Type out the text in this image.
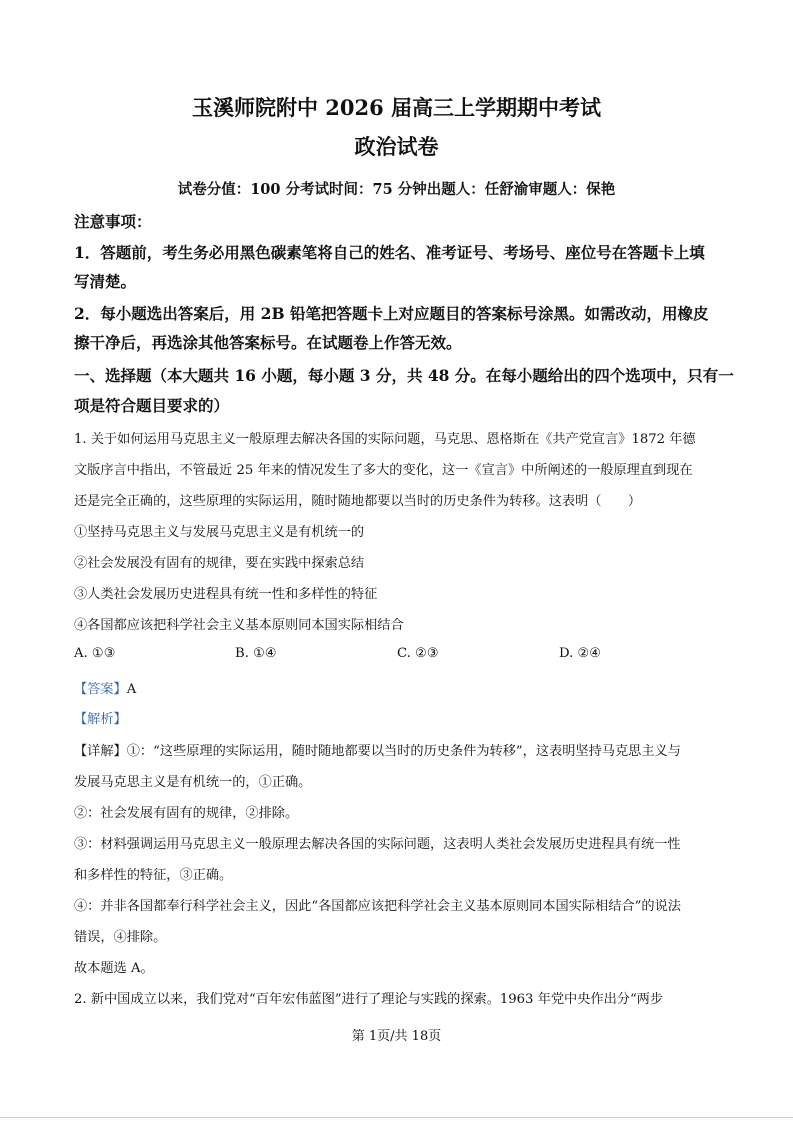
玉溪师院附中 2026 届高三上学期期中考试
政治试卷
试卷分值：100 分考试时间：75 分钟出题人：任舒渝审题人：保艳
注意事项：
1．答题前，考生务必用黑色碳素笔将自己的姓名、准考证号、考场号、座位号在答题卡上填
写清楚。
2．每小题选出答案后，用 2B 铅笔把答题卡上对应题目的答案标号涂黑。如需改动，用橡皮
擦干净后，再选涂其他答案标号。在试题卷上作答无效。
一、选择题（本大题共 16 小题，每小题 3 分，共 48 分。在每小题给出的四个选项中，只有一
项是符合题目要求的）
1. 关于如何运用马克思主义一般原理去解决各国的实际问题，马克思、恩格斯在《共产党宣言》1872 年德
文版序言中指出，不管最近 25 年来的情况发生了多大的变化，这一《宣言》中所阐述的一般原理直到现在
还是完全正确的，这些原理的实际运用，随时随地都要以当时的历史条件为转移。这表明（　　）
①坚持马克思主义与发展马克思主义是有机统一的
②社会发展没有固有的规律，要在实践中探索总结
③人类社会发展历史进程具有统一性和多样性的特征
④各国都应该把科学社会主义基本原则同本国实际相结合
A. ①③	B. ①④	C. ②③	D. ②④
【答案】A
【解析】
【详解】①：“这些原理的实际运用，随时随地都要以当时的历史条件为转移”，这表明坚持马克思主义与
发展马克思主义是有机统一的，①正确。
②：社会发展有固有的规律，②排除。
③：材料强调运用马克思主义一般原理去解决各国的实际问题，这表明人类社会发展历史进程具有统一性
和多样性的特征，③正确。
④：并非各国都奉行科学社会主义，因此“各国都应该把科学社会主义基本原则同本国实际相结合”的说法
错误，④排除。
故本题选 A。
2. 新中国成立以来，我们党对“百年宏伟蓝图”进行了理论与实践的探索。1963 年党中央作出分“两步
第 1页/共 18页
